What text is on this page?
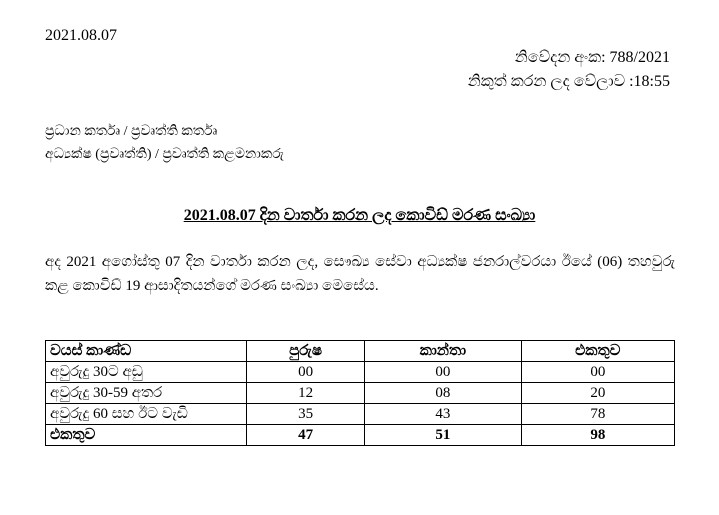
2021.08.07
නිවේදන අංක: 788/2021
නිකුත් කරන ලද වේලාව :18:55
ප්‍රධාන කර්තෘ / ප්‍රවෘත්ති කර්තෘ
අධ්‍යක්ෂ (ප්‍රවෘත්ති) / ප්‍රවෘත්ති කළමනාකරු
2021.08.07 දින වාර්තා කරන ලද කොවිඩ් මරණ සංඛ්‍යා
අද 2021 අගෝස්තු 07 දින වාර්තා කරන ලද, සෞඛ්‍ය සේවා අධ්‍යක්ෂ ජනරාල්වරයා ඊයේ (06) තහවුරු කළ කොවිඩ් 19 ආසාදිතයන්ගේ මරණ සංඛ්‍යා මෙසේය.
වයස් කාණ්ඩ	පුරුෂ	කාන්තා	එකතුව
අවුරුදු 30ට අඩු	00	00	00
අවුරුදු 30-59 අතර	12	08	20
අවුරුදු 60 සහ ඊට වැඩි	35	43	78
එකතුව	47	51	98
